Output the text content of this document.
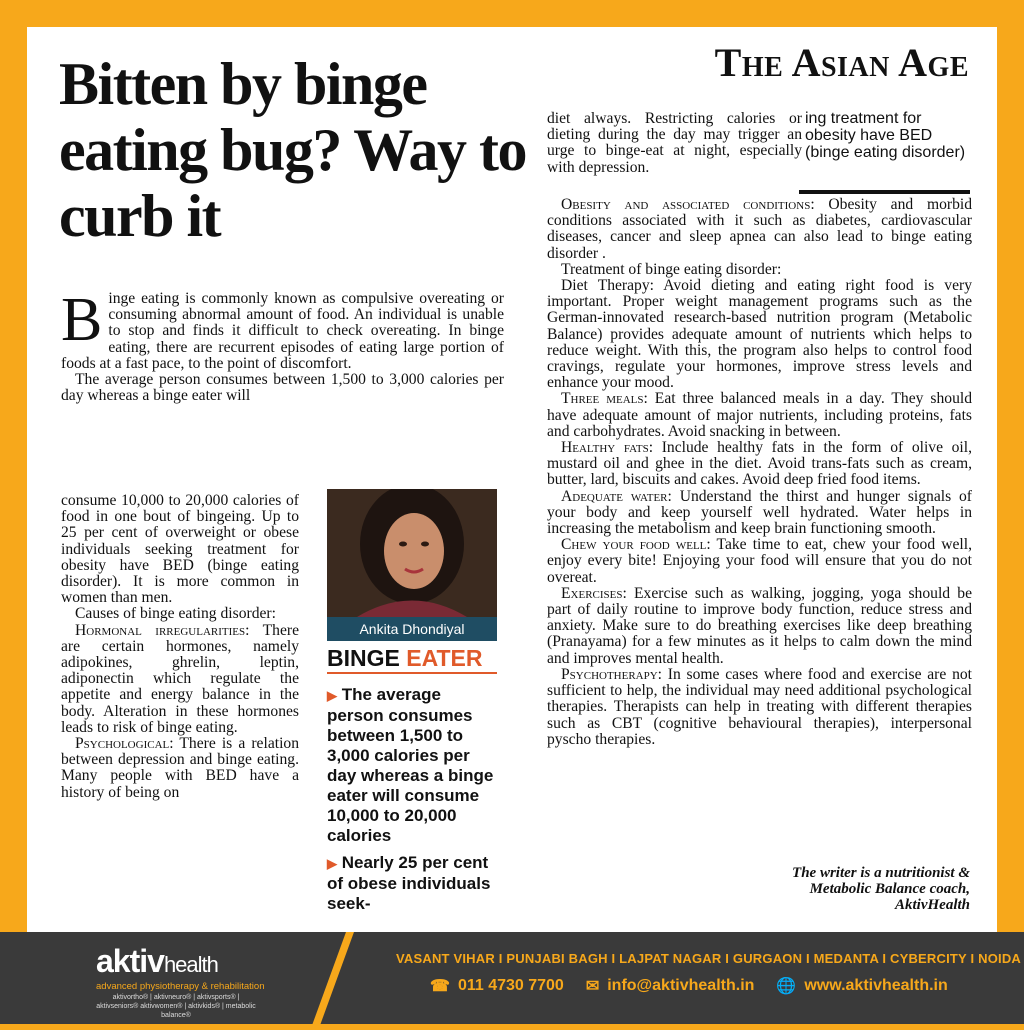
The Asian Age
Bitten by binge eating bug? Way to curb it

Binge eating is commonly known as compulsive overeating or consuming abnormal amount of food. An individual is unable to stop and finds it difficult to check overeating. In binge eating, there are recurrent episodes of eating large portion of foods at a fast pace, to the point of discomfort.

The average person consumes between 1,500 to 3,000 calories per day whereas a binge eater will

consume 10,000 to 20,000 calories of food in one bout of bingeing. Up to 25 per cent of overweight or obese individuals seeking treatment for obesity have BED (binge eating disorder). It is more common in women than men.

Causes of binge eating disorder:

Hormonal irregularities: There are certain hormones, namely adipokines, ghrelin, leptin, adiponectin which regulate the appetite and energy balance in the body. Alteration in these hormones leads to risk of binge eating.

Psychological: There is a relation between depression and binge eating. Many people with BED have a history of being on

Ankita Dhondiyal
BINGE EATER
▶ The average person consumes between 1,500 to 3,000 calories per day whereas a binge eater will consume 10,000 to 20,000 calories
▶ Nearly 25 per cent of obese individuals seek-

diet always. Restricting calories or dieting during the day may trigger an urge to binge-eat at night, especially with depression.

ing treatment for obesity have BED (binge eating disorder)

Obesity and associated conditions: Obesity and morbid conditions associated with it such as diabetes, cardiovascular diseases, cancer and sleep apnea can also lead to binge eating disorder .

Treatment of binge eating disorder:

Diet Therapy: Avoid dieting and eating right food is very important. Proper weight management programs such as the German-innovated research-based nutrition program (Metabolic Balance) provides adequate amount of nutrients which helps to reduce weight. With this, the program also helps to control food cravings, regulate your hormones, improve stress levels and enhance your mood.

Three meals: Eat three balanced meals in a day. They should have adequate amount of major nutrients, including proteins, fats and carbohydrates. Avoid snacking in between.

Healthy fats: Include healthy fats in the form of olive oil, mustard oil and ghee in the diet. Avoid trans-fats such as cream, butter, lard, biscuits and cakes. Avoid deep fried food items.

Adequate water: Understand the thirst and hunger signals of your body and keep yourself well hydrated. Water helps in increasing the metabolism and keep brain functioning smooth.

Chew your food well: Take time to eat, chew your food well, enjoy every bite! Enjoying your food will ensure that you do not overeat.

Exercises: Exercise such as walking, jogging, yoga should be part of daily routine to improve body function, reduce stress and anxiety. Make sure to do breathing exercises like deep breathing (Pranayama) for a few minutes as it helps to calm down the mind and improves mental health.

Psychotherapy: In some cases where food and exercise are not sufficient to help, the individual may need additional psychological therapies. Therapists can help in treating with different therapies such as CBT (cognitive behavioural therapies), interpersonal pyscho therapies.

The writer is a nutritionist &
Metabolic Balance coach,
AktivHealth
aktivhealth
advanced physiotherapy & rehabilitation
aktivortho® | aktivneuro® | aktivsports® | aktivseniors® aktivwomen® | aktivkids® | metabolic balance®
VASANT VIHAR I PUNJABI BAGH I LAJPAT NAGAR I GURGAON I MEDANTA I CYBERCITY I NOIDA
☎ 011 4730 7700 ✉ info@aktivhealth.in 🌐 www.aktivhealth.in
